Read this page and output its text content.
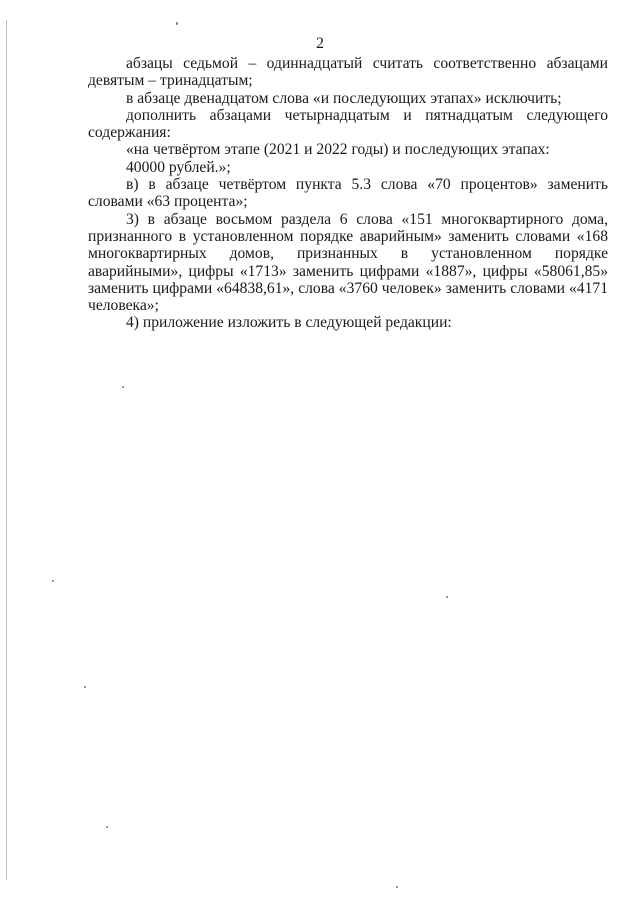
2

абзацы седьмой – одиннадцатый считать соответственно абзацами девятым – тринадцатым;

в абзаце двенадцатом слова «и последующих этапах» исключить;

дополнить абзацами четырнадцатым и пятнадцатым следующего содержания:

«на четвёртом этапе (2021 и 2022 годы) и последующих этапах:

40000 рублей.»;

в) в абзаце четвёртом пункта 5.3 слова «70 процентов» заменить словами «63 процента»;

3) в абзаце восьмом раздела 6 слова «151 многоквартирного дома, признанного в установленном порядке аварийным» заменить словами «168 многоквартирных домов, признанных в установленном порядке аварийными», цифры «1713» заменить цифрами «1887», цифры «58061,85» заменить цифрами «64838,61», слова «3760 человек» заменить словами «4171 человека»;

4) приложение изложить в следующей редакции:
